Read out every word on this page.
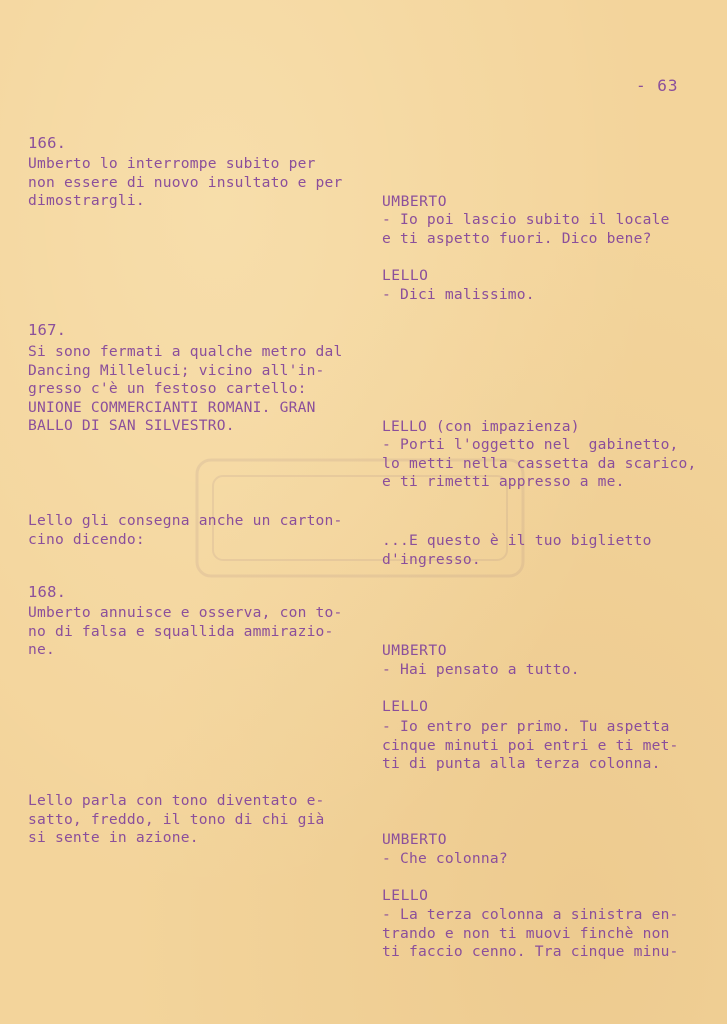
- 63
166.
Umberto lo interrompe subito per
non essere di nuovo insultato e per
dimostrargli.
167.
Si sono fermati a qualche metro dal
Dancing Milleluci; vicino all'in-
gresso c'è un festoso cartello:
UNIONE COMMERCIANTI ROMANI. GRAN
BALLO DI SAN SILVESTRO.
Lello gli consegna anche un carton-
cino dicendo:
168.
Umberto annuisce e osserva, con to-
no di falsa e squallida ammirazio-
ne.
Lello parla con tono diventato e-
satto, freddo, il tono di chi già
si sente in azione.
UMBERTO
- Io poi lascio subito il locale
e ti aspetto fuori. Dico bene?
LELLO
- Dici malissimo.
LELLO (con impazienza)
- Porti l'oggetto nel  gabinetto,
lo metti nella cassetta da scarico,
e ti rimetti appresso a me.
...E questo è il tuo biglietto
d'ingresso.
UMBERTO
- Hai pensato a tutto.
LELLO
- Io entro per primo. Tu aspetta
cinque minuti poi entri e ti met-
ti di punta alla terza colonna.
UMBERTO
- Che colonna?
LELLO
- La terza colonna a sinistra en-
trando e non ti muovi finchè non
ti faccio cenno. Tra cinque minu-
